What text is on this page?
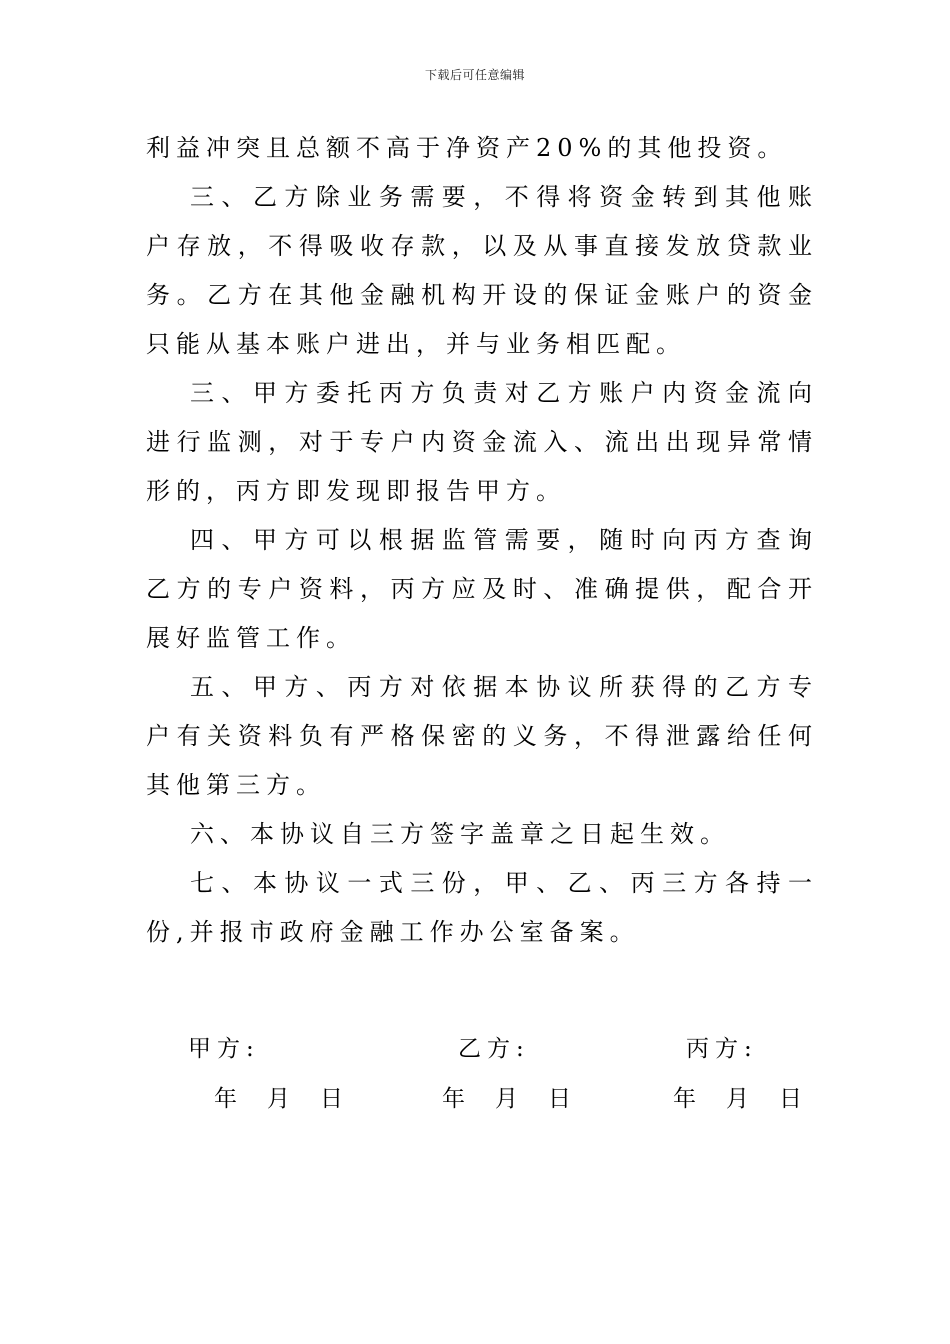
下载后可任意编辑

利益冲突且总额不高于净资产20%的其他投资。

三、乙方除业务需要，不得将资金转到其他账户存放，不得吸收存款，以及从事直接发放贷款业务。乙方在其他金融机构开设的保证金账户的资金只能从基本账户进出，并与业务相匹配。

三、甲方委托丙方负责对乙方账户内资金流向进行监测，对于专户内资金流入、流出出现异常情形的，丙方即发现即报告甲方。

四、甲方可以根据监管需要，随时向丙方查询乙方的专户资料，丙方应及时、准确提供，配合开展好监管工作。

五、甲方、丙方对依据本协议所获得的乙方专户有关资料负有严格保密的义务，不得泄露给任何其他第三方。

六、本协议自三方签字盖章之日起生效。

七、本协议一式三份，甲、乙、丙三方各持一份,并报市政府金融工作办公室备案。

甲方:	乙方:	丙方:
年 月 日	年 月 日	年 月 日
